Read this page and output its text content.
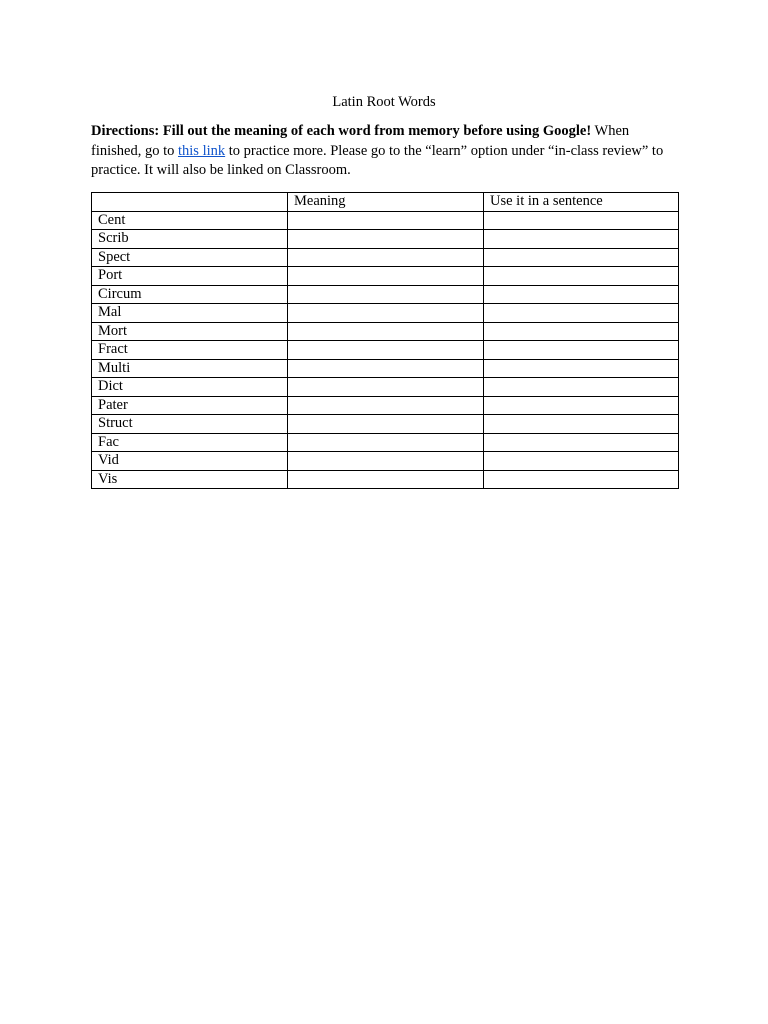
Latin Root Words
Directions: Fill out the meaning of each word from memory before using Google! When finished, go to this link to practice more. Please go to the “learn” option under “in-class review” to practice. It will also be linked on Classroom.
	Meaning	Use it in a sentence
Cent		
Scrib		
Spect		
Port		
Circum		
Mal		
Mort		
Fract		
Multi		
Dict		
Pater		
Struct		
Fac		
Vid		
Vis		
